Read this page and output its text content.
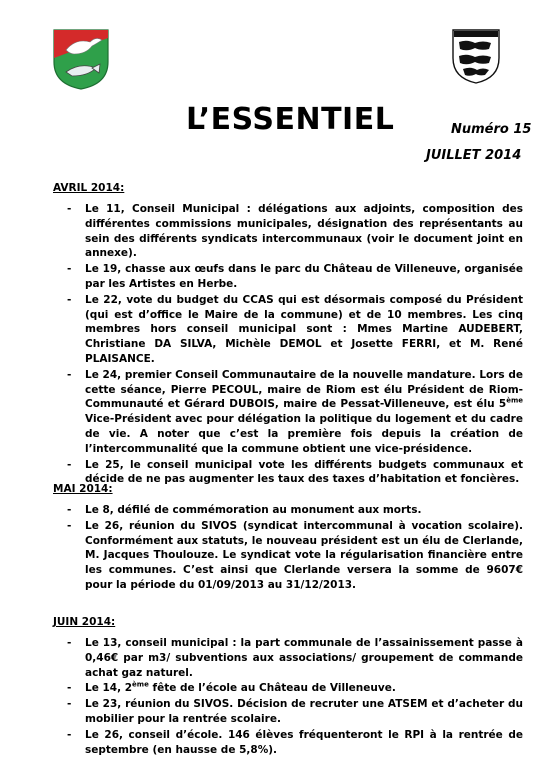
L’ESSENTIEL	Numéro 15
JUILLET 2014
AVRIL 2014:
- Le 11, Conseil Municipal : délégations aux adjoints, composition des différentes commissions municipales, désignation des représentants au sein des différents syndicats intercommunaux (voir le document joint en annexe).
- Le 19, chasse aux œufs dans le parc du Château de Villeneuve, organisée par les Artistes en Herbe.
- Le 22, vote du budget du CCAS qui est désormais composé du Président (qui est d’office le Maire de la commune) et de 10 membres. Les cinq membres hors conseil municipal sont : Mmes Martine AUDEBERT, Christiane DA SILVA, Michèle DEMOL et Josette FERRI, et M. René PLAISANCE.
- Le 24, premier Conseil Communautaire de la nouvelle mandature. Lors de cette séance, Pierre PECOUL, maire de Riom est élu Président de Riom-Communauté et Gérard DUBOIS, maire de Pessat-Villeneuve, est élu 5ème Vice-Président avec pour délégation la politique du logement et du cadre de vie. A noter que c’est la première fois depuis la création de l’intercommunalité que la commune obtient une vice-présidence.
- Le 25, le conseil municipal vote les différents budgets communaux et décide de ne pas augmenter les taux des taxes d’habitation et foncières.
MAI 2014:
- Le 8, défilé de commémoration au monument aux morts.
- Le 26, réunion du SIVOS (syndicat intercommunal à vocation scolaire). Conformément aux statuts, le nouveau président est un élu de Clerlande, M. Jacques Thoulouze. Le syndicat vote la régularisation financière entre les communes. C’est ainsi que Clerlande versera la somme de 9607€ pour la période du 01/09/2013 au 31/12/2013.
JUIN 2014:
- Le 13, conseil municipal : la part communale de l’assainissement passe à 0,46€ par m3/ subventions aux associations/ groupement de commande achat gaz naturel.
- Le 14, 2ème fête de l’école au Château de Villeneuve.
- Le 23, réunion du SIVOS. Décision de recruter une ATSEM et d’acheter du mobilier pour la rentrée scolaire.
- Le 26, conseil d’école. 146 élèves fréquenteront le RPI à la rentrée de septembre (en hausse de 5,8%).
